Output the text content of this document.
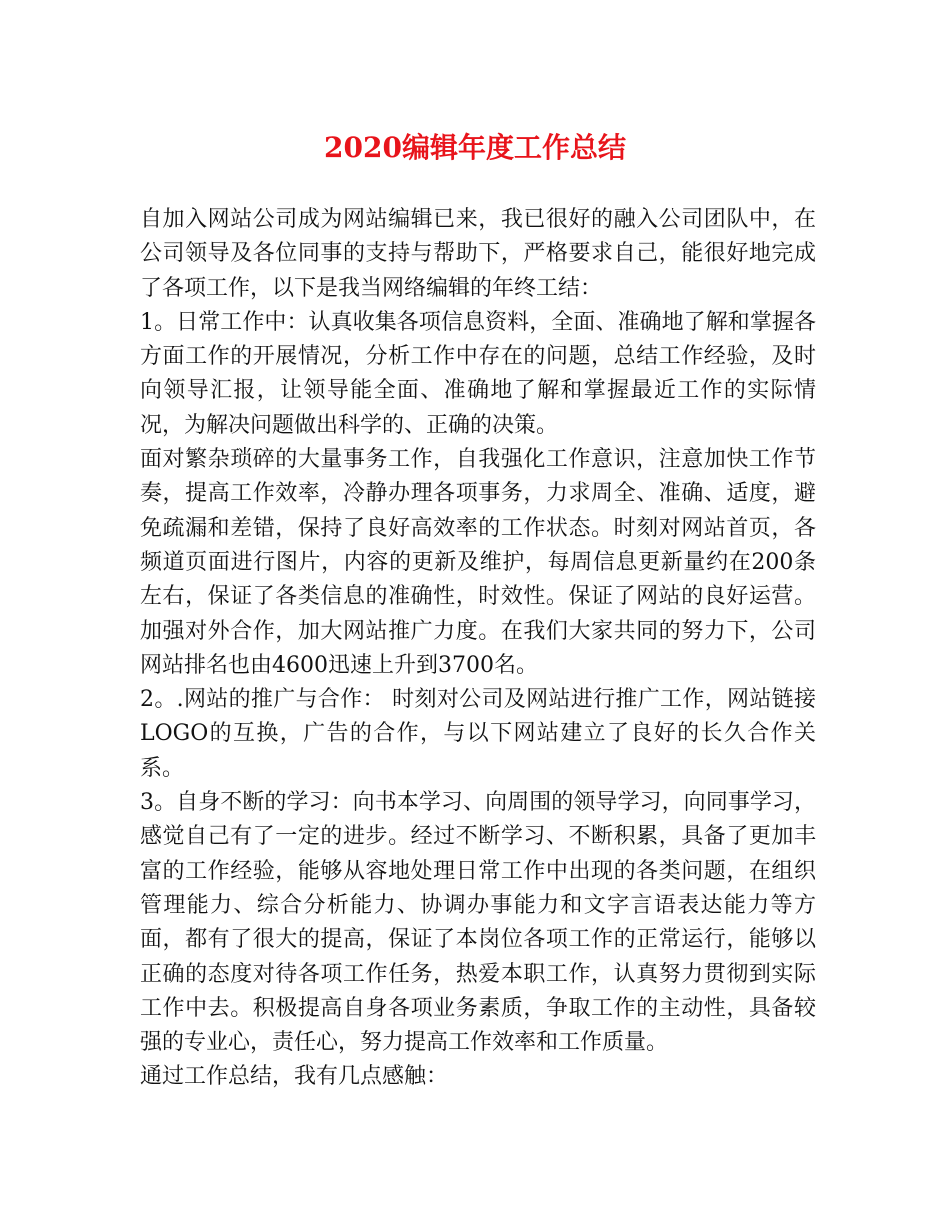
2020编辑年度工作总结

自加入网站公司成为网站编辑已来，我已很好的融入公司团队中，在公司领导及各位同事的支持与帮助下，严格要求自己，能很好地完成了各项工作，以下是我当网络编辑的年终工结：

1。日常工作中：认真收集各项信息资料，全面、准确地了解和掌握各方面工作的开展情况，分析工作中存在的问题，总结工作经验，及时向领导汇报，让领导能全面、准确地了解和掌握最近工作的实际情况，为解决问题做出科学的、正确的决策。

面对繁杂琐碎的大量事务工作，自我强化工作意识，注意加快工作节奏，提高工作效率，冷静办理各项事务，力求周全、准确、适度，避免疏漏和差错，保持了良好高效率的工作状态。时刻对网站首页，各频道页面进行图片，内容的更新及维护，每周信息更新量约在200条左右，保证了各类信息的准确性，时效性。保证了网站的良好运营。加强对外合作，加大网站推广力度。在我们大家共同的努力下，公司网站排名也由4600迅速上升到3700名。

2。.网站的推广与合作： 时刻对公司及网站进行推广工作，网站链接LOGO的互换，广告的合作，与以下网站建立了良好的长久合作关系。

3。自身不断的学习：向书本学习、向周围的领导学习，向同事学习，感觉自己有了一定的进步。经过不断学习、不断积累，具备了更加丰富的工作经验，能够从容地处理日常工作中出现的各类问题，在组织管理能力、综合分析能力、协调办事能力和文字言语表达能力等方面，都有了很大的提高，保证了本岗位各项工作的正常运行，能够以正确的态度对待各项工作任务，热爱本职工作，认真努力贯彻到实际工作中去。积极提高自身各项业务素质，争取工作的主动性，具备较强的专业心，责任心，努力提高工作效率和工作质量。

通过工作总结，我有几点感触：
